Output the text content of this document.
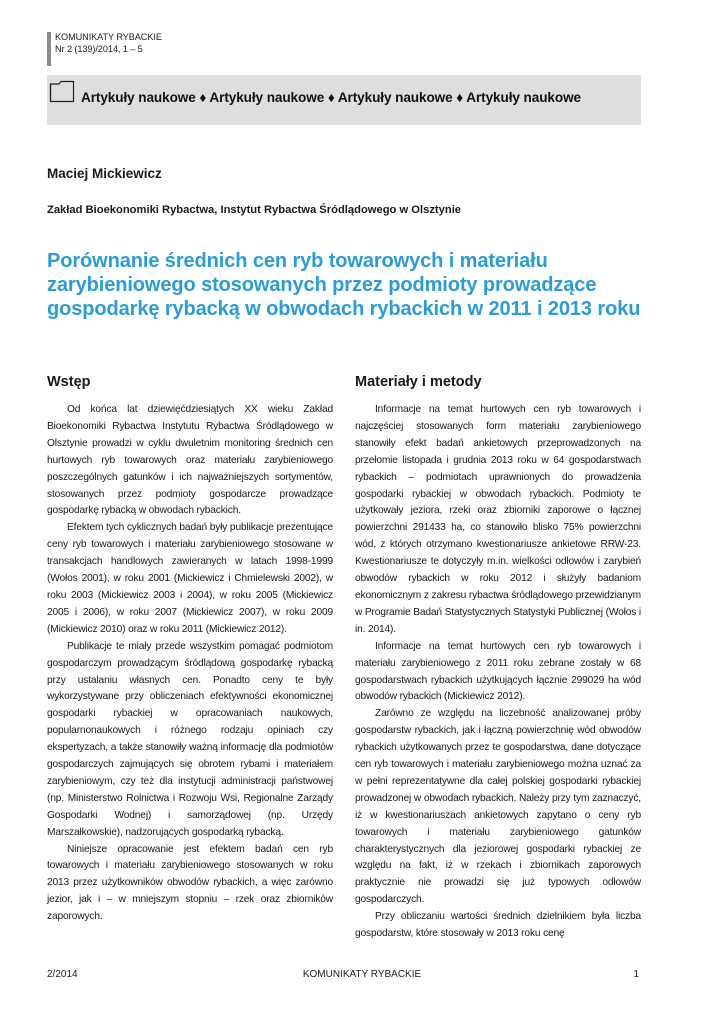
KOMUNIKATY RYBACKIE
Nr 2 (139)/2014, 1 – 5
Artykuły naukowe ♦ Artykuły naukowe ♦ Artykuły naukowe ♦ Artykuły naukowe
Maciej Mickiewicz
Zakład Bioekonomiki Rybactwa, Instytut Rybactwa Śródlądowego w Olsztynie
Porównanie średnich cen ryb towarowych i materiału zarybieniowego stosowanych przez podmioty prowadzące gospodarkę rybacką w obwodach rybackich w 2011 i 2013 roku
Wstęp

Od końca lat dziewięćdziesiątych XX wieku Zakład Bioekonomiki Rybactwa Instytutu Rybactwa Śródlądowego w Olsztynie prowadzi w cyklu dwuletnim monitoring średnich cen hurtowych ryb towarowych oraz materiału zarybieniowego poszczególnych gatunków i ich najważniejszych sortymentów, stosowanych przez podmioty gospodarcze prowadzące gospodarkę rybacką w obwodach rybackich.

Efektem tych cyklicznych badań były publikacje prezentujące ceny ryb towarowych i materiału zarybieniowego stosowane w transakcjach handlowych zawieranych w latach 1998-1999 (Wołos 2001), w roku 2001 (Mickiewicz i Chmielewski 2002), w roku 2003 (Mickiewicz 2003 i 2004), w roku 2005 (Mickiewicz 2005 i 2006), w roku 2007 (Mickiewicz 2007), w roku 2009 (Mickiewicz 2010) oraz w roku 2011 (Mickiewicz 2012).

Publikacje te miały przede wszystkim pomagać podmiotom gospodarczym prowadzącym śródlądową gospodarkę rybacką przy ustalaniu własnych cen. Ponadto ceny te były wykorzystywane przy obliczeniach efektywności ekonomicznej gospodarki rybackiej w opracowaniach naukowych, popularnonaukowych i różnego rodzaju opiniach czy ekspertyzach, a także stanowiły ważną informację dla podmiotów gospodarczych zajmujących się obrotem rybami i materiałem zarybieniowym, czy też dla instytucji administracji państwowej (np. Ministerstwo Rolnictwa i Rozwoju Wsi, Regionalne Zarządy Gospodarki Wodnej) i samorządowej (np. Urzędy Marszałkowskie), nadzorujących gospodarką rybacką.

Niniejsze opracowanie jest efektem badań cen ryb towarowych i materiału zarybieniowego stosowanych w roku 2013 przez użytkowników obwodów rybackich, a więc zarówno jezior, jak i – w mniejszym stopniu – rzek oraz zbiorników zaporowych.

Materiały i metody

Informacje na temat hurtowych cen ryb towarowych i najczęściej stosowanych form materiału zarybieniowego stanowiły efekt badań ankietowych przeprowadzonych na przełomie listopada i grudnia 2013 roku w 64 gospodarstwach rybackich – podmiotach uprawnionych do prowadzenia gospodarki rybackiej w obwodach rybackich. Podmioty te użytkowały jeziora, rzeki oraz zbiorniki zaporowe o łącznej powierzchni 291433 ha, co stanowiło blisko 75% powierzchni wód, z których otrzymano kwestionariusze ankietowe RRW-23. Kwestionariusze te dotyczyły m.in. wielkości odłowów i zarybień obwodów rybackich w roku 2012 i służyły badaniom ekonomicznym z zakresu rybactwa śródlądowego przewidzianym w Programie Badań Statystycznych Statystyki Publicznej (Wołos i in. 2014).

Informacje na temat hurtowych cen ryb towarowych i materiału zarybieniowego z 2011 roku zebrane zostały w 68 gospodarstwach rybackich użytkujących łącznie 299029 ha wód obwodów rybackich (Mickiewicz 2012).

Zarówno ze względu na liczebność analizowanej próby gospodarstw rybackich, jak i łączną powierzchnię wód obwodów rybackich użytkowanych przez te gospodarstwa, dane dotyczące cen ryb towarowych i materiału zarybieniowego można uznać za w pełni reprezentatywne dla całej polskiej gospodarki rybackiej prowadzonej w obwodach rybackich. Należy przy tym zaznaczyć, iż w kwestionariuszach ankietowych zapytano o ceny ryb towarowych i materiału zarybieniowego gatunków charakterystycznych dla jeziorowej gospodarki rybackiej ze względu na fakt, iż w rzekach i zbiornikach zaporowych praktycznie nie prowadzi się już typowych odłowów gospodarczych.

Przy obliczaniu wartości średnich dzielnikiem była liczba gospodarstw, które stosowały w 2013 roku cenę

2/2014	KOMUNIKATY RYBACKIE	1
